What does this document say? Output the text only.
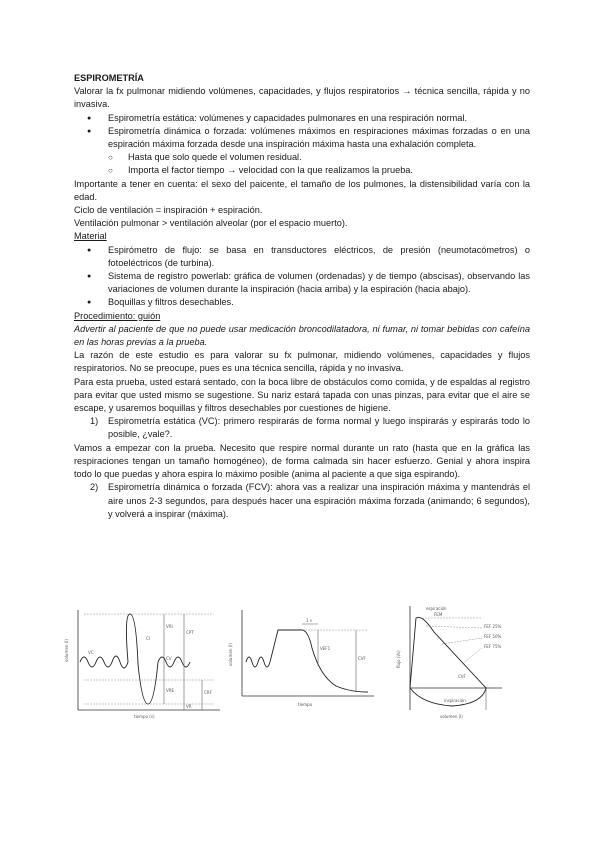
ESPIROMETRÍA

Valorar la fx pulmonar midiendo volúmenes, capacidades, y flujos respiratorios → técnica sencilla, rápida y no invasiva.

● Espirometría estática: volúmenes y capacidades pulmonares en una respiración normal.
● Espirometría dinámica o forzada: volúmenes máximos en respiraciones máximas forzadas o en una espiración máxima forzada desde una inspiración máxima hasta una exhalación completa.
○ Hasta que solo quede el volumen residual.
○ Importa el factor tiempo → velocidad con la que realizamos la prueba.

Importante a tener en cuenta: el sexo del paicente, el tamaño de los pulmones, la distensibilidad varía con la edad.

Ciclo de ventilación = inspiración + espiración.

Ventilación pulmonar > ventilación alveolar (por el espacio muerto).

Material

● Espirómetro de flujo: se basa en transductores eléctricos, de presión (neumotacómetros) o fotoeléctricos (de turbina).
● Sistema de registro powerlab: gráfica de volumen (ordenadas) y de tiempo (abscisas), observando las variaciones de volumen durante la inspiración (hacia arriba) y la espiración (hacia abajo).
● Boquillas y filtros desechables.

Procedimiento: guión

Advertir al paciente de que no puede usar medicación broncodilatadora, ni fumar, ni tomar bebidas con cafeína en las horas previas a la prueba.

La razón de este estudio es para valorar su fx pulmonar, midiendo volúmenes, capacidades y flujos respiratorios. No se preocupe, pues es una técnica sencilla, rápida y no invasiva.

Para esta prueba, usted estará sentado, con la boca libre de obstáculos como comida, y de espaldas al registro para evitar que usted mismo se sugestione. Su nariz estará tapada con unas pinzas, para evitar que el aire se escape, y usaremos boquillas y filtros desechables por cuestiones de higiene.

1) Espirometría estática (VC): primero respirarás de forma normal y luego inspirarás y espirarás todo lo posible, ¿vale?.

Vamos a empezar con la prueba. Necesito que respire normal durante un rato (hasta que en la gráfica las respiraciones tengan un tamaño homogéneo), de forma calmada sin hacer esfuerzo. Genial y ahora inspira todo lo que puedas y ahora espira lo máximo posible (anima al paciente a que siga espirando).

2) Espirometría dinámica o forzada (FCV): ahora vas a realizar una inspiración máxima y mantendrás el aire unos 2-3 segundos, para después hacer una espiración máxima forzada (animando; 6 segundos), y volverá a inspirar (máxima).
volumen (l)
tiempo (s)
VRI
VC
CV
CPT
VRE	CRF
VR
CI
volumen (l)
tiempo
1 s
VEF1
CVF	flujo (l/s)
volumen (l)
espiración
FEM
FEF 25%
FEF 50%
FEF 75%
CVF
inspiración
